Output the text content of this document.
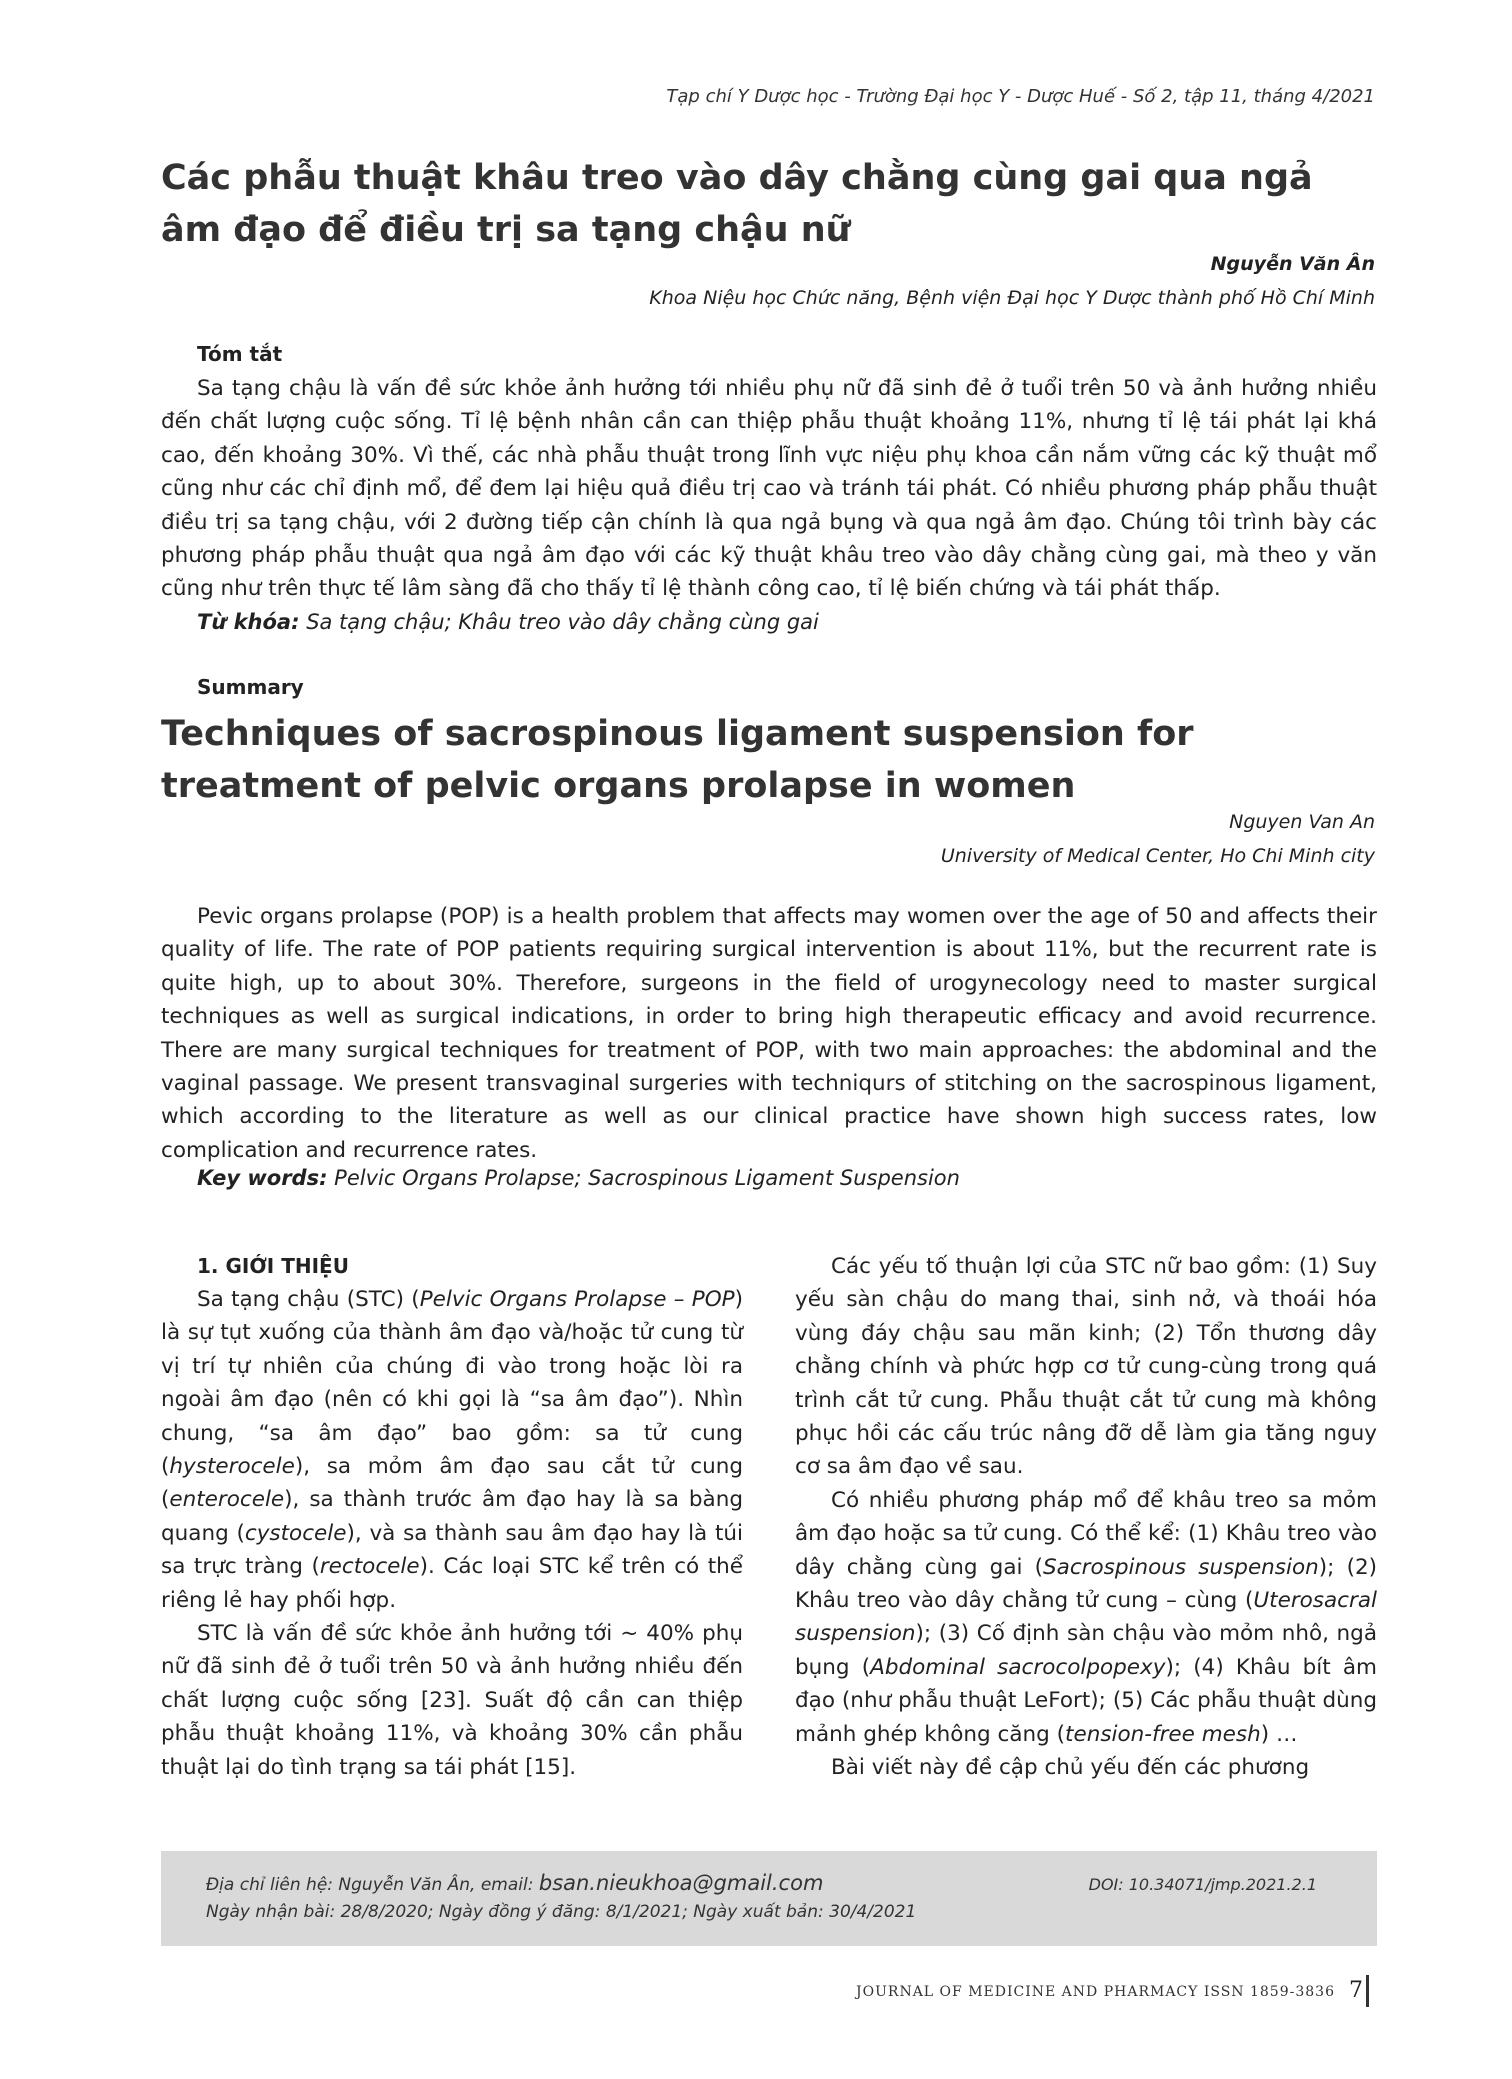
Tạp chí Y Dược học - Trường Đại học Y - Dược Huế - Số 2, tập 11, tháng 4/2021
Các phẫu thuật khâu treo vào dây chằng cùng gai qua ngả âm đạo để điều trị sa tạng chậu nữ
Nguyễn Văn Ân
Khoa Niệu học Chức năng, Bệnh viện Đại học Y Dược thành phố Hồ Chí Minh
Tóm tắt

Sa tạng chậu là vấn đề sức khỏe ảnh hưởng tới nhiều phụ nữ đã sinh đẻ ở tuổi trên 50 và ảnh hưởng nhiều đến chất lượng cuộc sống. Tỉ lệ bệnh nhân cần can thiệp phẫu thuật khoảng 11%, nhưng tỉ lệ tái phát lại khá cao, đến khoảng 30%. Vì thế, các nhà phẫu thuật trong lĩnh vực niệu phụ khoa cần nắm vững các kỹ thuật mổ cũng như các chỉ định mổ, để đem lại hiệu quả điều trị cao và tránh tái phát. Có nhiều phương pháp phẫu thuật điều trị sa tạng chậu, với 2 đường tiếp cận chính là qua ngả bụng và qua ngả âm đạo. Chúng tôi trình bày các phương pháp phẫu thuật qua ngả âm đạo với các kỹ thuật khâu treo vào dây chằng cùng gai, mà theo y văn cũng như trên thực tế lâm sàng đã cho thấy tỉ lệ thành công cao, tỉ lệ biến chứng và tái phát thấp.

Từ khóa: Sa tạng chậu; Khâu treo vào dây chằng cùng gai
Summary
Techniques of sacrospinous ligament suspension for treatment of pelvic organs prolapse in women
Nguyen Van An
University of Medical Center, Ho Chi Minh city

Pevic organs prolapse (POP) is a health problem that affects may women over the age of 50 and affects their quality of life. The rate of POP patients requiring surgical intervention is about 11%, but the recurrent rate is quite high, up to about 30%. Therefore, surgeons in the field of urogynecology need to master surgical techniques as well as surgical indications, in order to bring high therapeutic efficacy and avoid recurrence. There are many surgical techniques for treatment of POP, with two main approaches: the abdominal and the vaginal passage. We present transvaginal surgeries with techniqurs of stitching on the sacrospinous ligament, which according to the literature as well as our clinical practice have shown high success rates, low complication and recurrence rates.

Key words: Pelvic Organs Prolapse; Sacrospinous Ligament Suspension
1. GIỚI THIỆU

Sa tạng chậu (STC) (Pelvic Organs Prolapse – POP) là sự tụt xuống của thành âm đạo và/hoặc tử cung từ vị trí tự nhiên của chúng đi vào trong hoặc lòi ra ngoài âm đạo (nên có khi gọi là “sa âm đạo”). Nhìn chung, “sa âm đạo” bao gồm: sa tử cung (hysterocele), sa mỏm âm đạo sau cắt tử cung (enterocele), sa thành trước âm đạo hay là sa bàng quang (cystocele), và sa thành sau âm đạo hay là túi sa trực tràng (rectocele). Các loại STC kể trên có thể riêng lẻ hay phối hợp.

STC là vấn đề sức khỏe ảnh hưởng tới ~ 40% phụ nữ đã sinh đẻ ở tuổi trên 50 và ảnh hưởng nhiều đến chất lượng cuộc sống [23]. Suất độ cần can thiệp phẫu thuật khoảng 11%, và khoảng 30% cần phẫu thuật lại do tình trạng sa tái phát [15].

Các yếu tố thuận lợi của STC nữ bao gồm: (1) Suy yếu sàn chậu do mang thai, sinh nở, và thoái hóa vùng đáy chậu sau mãn kinh; (2) Tổn thương dây chằng chính và phức hợp cơ tử cung-cùng trong quá trình cắt tử cung. Phẫu thuật cắt tử cung mà không phục hồi các cấu trúc nâng đỡ dễ làm gia tăng nguy cơ sa âm đạo về sau.

Có nhiều phương pháp mổ để khâu treo sa mỏm âm đạo hoặc sa tử cung. Có thể kể: (1) Khâu treo vào dây chằng cùng gai (Sacrospinous suspension); (2) Khâu treo vào dây chằng tử cung – cùng (Uterosacral suspension); (3) Cố định sàn chậu vào mỏm nhô, ngả bụng (Abdominal sacrocolpopexy); (4) Khâu bít âm đạo (như phẫu thuật LeFort); (5) Các phẫu thuật dùng mảnh ghép không căng (tension-free mesh) …

Bài viết này đề cập chủ yếu đến các phương

Địa chỉ liên hệ: Nguyễn Văn Ân, email: bsan.nieukhoa@gmail.com	DOI: 10.34071/jmp.2021.2.1
Ngày nhận bài: 28/8/2020; Ngày đồng ý đăng: 8/1/2021; Ngày xuất bản: 30/4/2021
JOURNAL OF MEDICINE AND PHARMACY ISSN 1859-3836 7
